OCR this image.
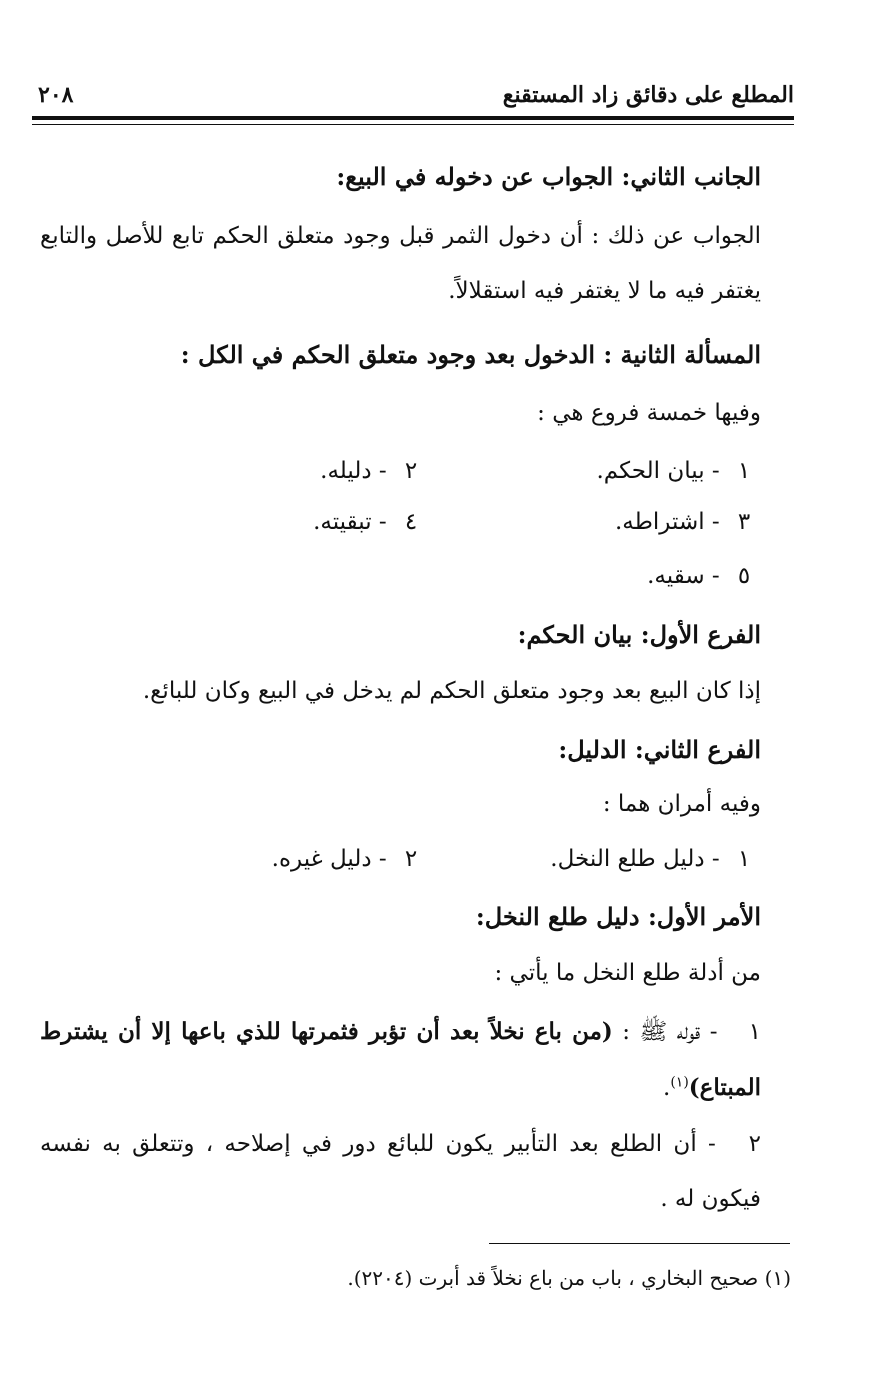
المطلع على دقائق زاد المستقنع
٢٠٨
الجانب الثاني: الجواب عن دخوله في البيع:
الجواب عن ذلك : أن دخول الثمر قبل وجود متعلق الحكم تابع للأصل والتابع
يغتفر فيه ما لا يغتفر فيه استقلالاً.
المسألة الثانية : الدخول بعد وجود متعلق الحكم في الكل :
وفيها خمسة فروع هي :
١ - بيان الحكم.
٢ - دليله.
٣ - اشتراطه.
٤ - تبقيته.
٥ - سقيه.
الفرع الأول: بيان الحكم:
إذا كان البيع بعد وجود متعلق الحكم لم يدخل في البيع وكان للبائع.
الفرع الثاني: الدليل:
وفيه أمران هما :
١ - دليل طلع النخل.
٢ - دليل غيره.
الأمر الأول: دليل طلع النخل:
من أدلة طلع النخل ما يأتي :
١ - قوله ﷺ : (من باع نخلاً بعد أن تؤبر فثمرتها للذي باعها إلا أن يشترط
المبتاع)$^{(١)}$.
٢ - أن الطلع بعد التأبير يكون للبائع دور في إصلاحه ، وتتعلق به نفسه
فيكون له .
(١) صحيح البخاري ، باب من باع نخلاً قد أبرت (٢٢٠٤).
